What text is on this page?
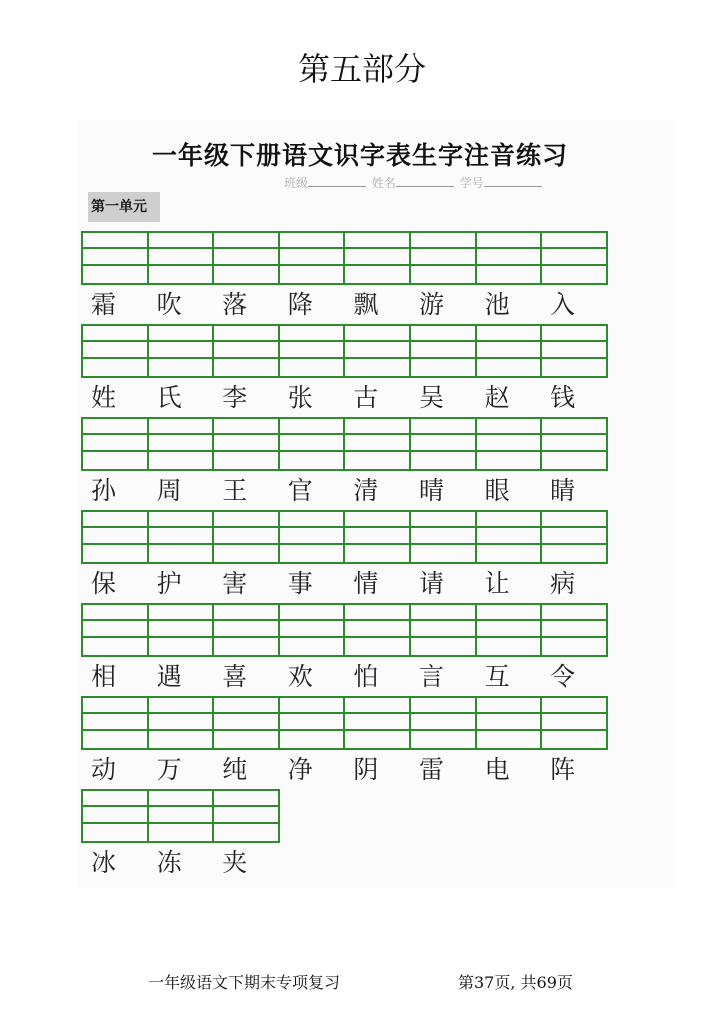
第五部分
一年级下册语文识字表生字注音练习
班级	姓名	学号
第一单元
霜	吹	落	降	飘	游	池	入
姓	氏	李	张	古	吴	赵	钱
孙	周	王	官	清	晴	眼	睛
保	护	害	事	情	请	让	病
相	遇	喜	欢	怕	言	互	令
动	万	纯	净	阴	雷	电	阵
冰	冻	夹
一年级语文下期末专项复习	第37页, 共69页
